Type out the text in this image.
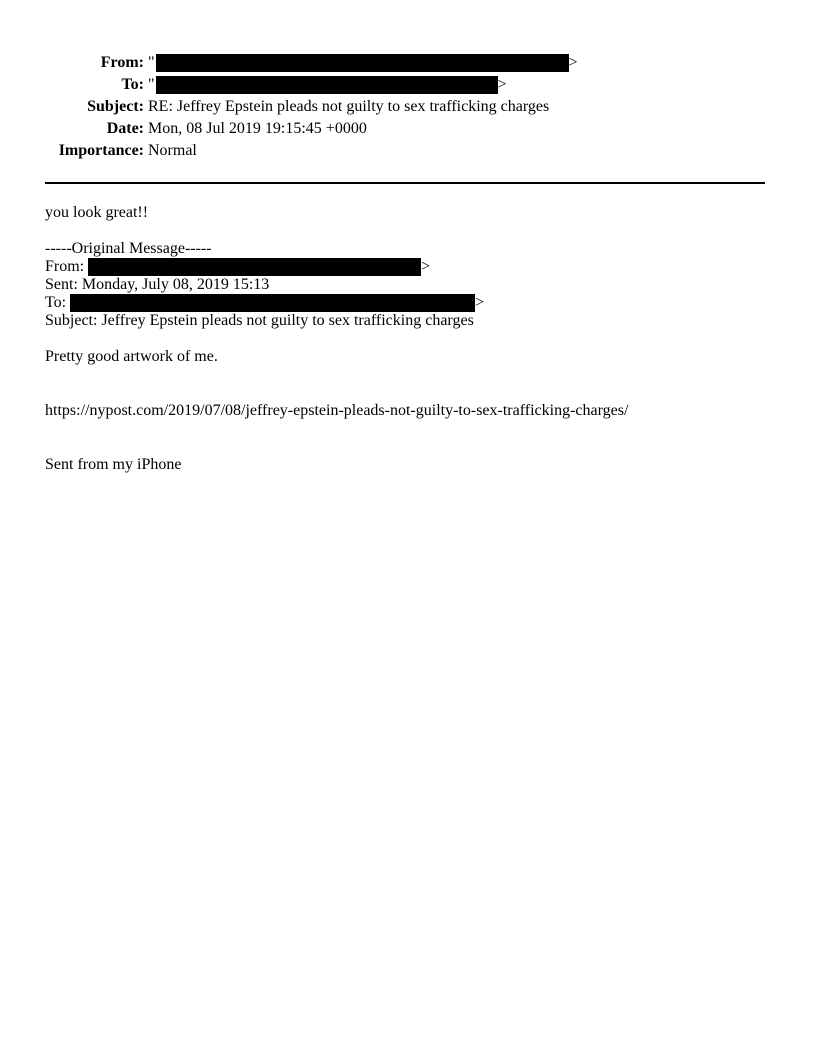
From: "	>
To: "	>
Subject: RE: Jeffrey Epstein pleads not guilty to sex trafficking charges
Date: Mon, 08 Jul 2019 19:15:45 +0000
Importance: Normal
you look great!!
-----Original Message-----
From:	>
Sent: Monday, July 08, 2019 15:13
To:	>
Subject: Jeffrey Epstein pleads not guilty to sex trafficking charges
Pretty good artwork of me.
https://nypost.com/2019/07/08/jeffrey-epstein-pleads-not-guilty-to-sex-trafficking-charges/
Sent from my iPhone
